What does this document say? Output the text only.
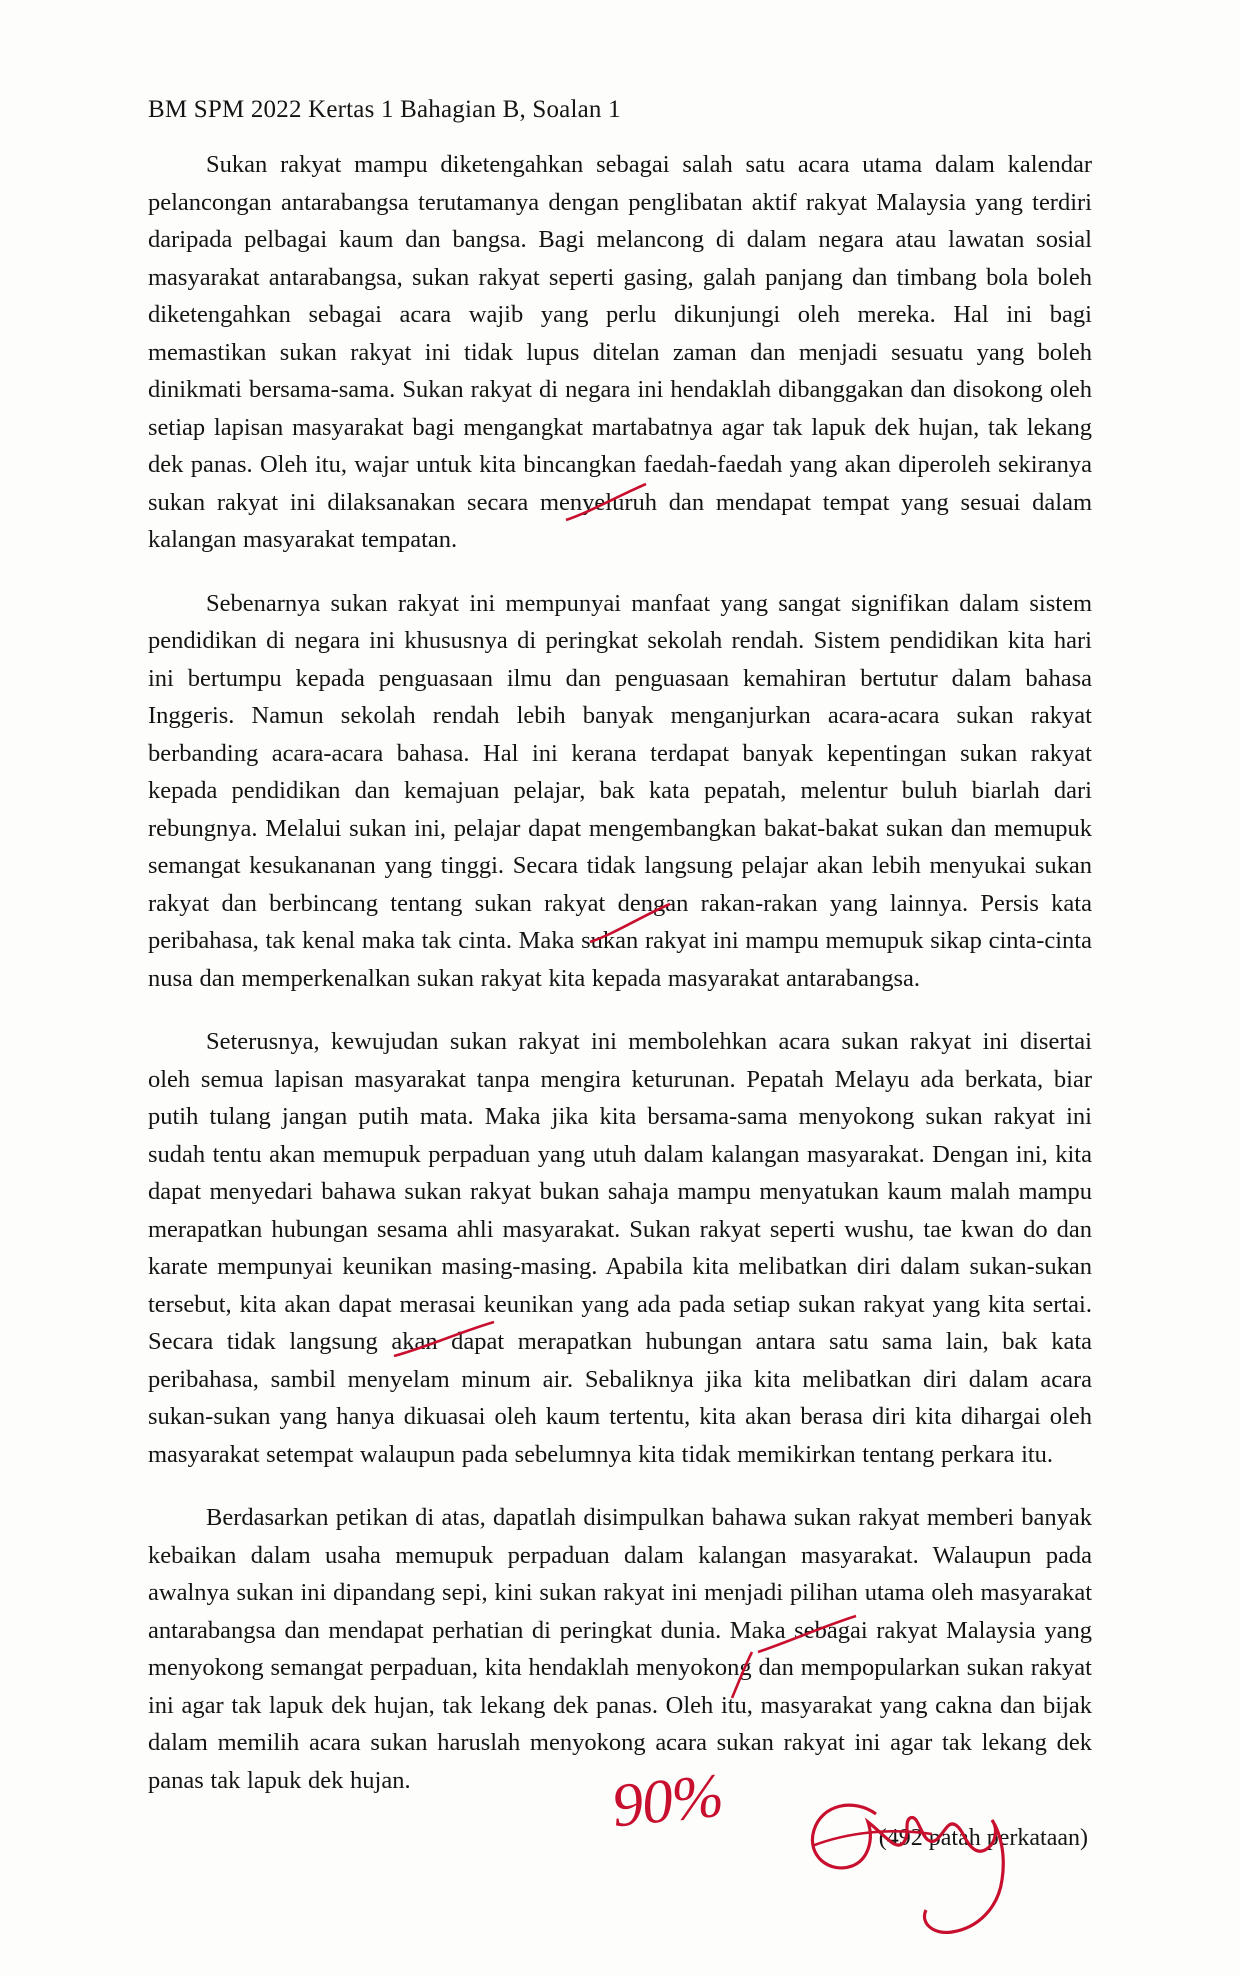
BM SPM 2022 Kertas 1 Bahagian B, Soalan 1

Sukan rakyat mampu diketengahkan sebagai salah satu acara utama dalam kalendar pelancongan antarabangsa terutamanya dengan penglibatan aktif rakyat Malaysia yang terdiri daripada pelbagai kaum dan bangsa. Bagi melancong di dalam negara atau lawatan sosial masyarakat antarabangsa, sukan rakyat seperti gasing, galah panjang dan timbang bola boleh diketengahkan sebagai acara wajib yang perlu dikunjungi oleh mereka. Hal ini bagi memastikan sukan rakyat ini tidak lupus ditelan zaman dan menjadi sesuatu yang boleh dinikmati bersama-sama. Sukan rakyat di negara ini hendaklah dibanggakan dan disokong oleh setiap lapisan masyarakat bagi mengangkat martabatnya agar tak lapuk dek hujan, tak lekang dek panas. Oleh itu, wajar untuk kita bincangkan faedah-faedah yang akan diperoleh sekiranya sukan rakyat ini dilaksanakan secara menyeluruh dan mendapat tempat yang sesuai dalam kalangan masyarakat tempatan.

Sebenarnya sukan rakyat ini mempunyai manfaat yang sangat signifikan dalam sistem pendidikan di negara ini khususnya di peringkat sekolah rendah. Sistem pendidikan kita hari ini bertumpu kepada penguasaan ilmu dan penguasaan kemahiran bertutur dalam bahasa Inggeris. Namun sekolah rendah lebih banyak menganjurkan acara-acara sukan rakyat berbanding acara-acara bahasa. Hal ini kerana terdapat banyak kepentingan sukan rakyat kepada pendidikan dan kemajuan pelajar, bak kata pepatah, melentur buluh biarlah dari rebungnya. Melalui sukan ini, pelajar dapat mengembangkan bakat-bakat sukan dan memupuk semangat kesukananan yang tinggi. Secara tidak langsung pelajar akan lebih menyukai sukan rakyat dan berbincang tentang sukan rakyat dengan rakan-rakan yang lainnya. Persis kata peribahasa, tak kenal maka tak cinta. Maka sukan rakyat ini mampu memupuk sikap cinta-cinta nusa dan memperkenalkan sukan rakyat kita kepada masyarakat antarabangsa.

Seterusnya, kewujudan sukan rakyat ini membolehkan acara sukan rakyat ini disertai oleh semua lapisan masyarakat tanpa mengira keturunan. Pepatah Melayu ada berkata, biar putih tulang jangan putih mata. Maka jika kita bersama-sama menyokong sukan rakyat ini sudah tentu akan memupuk perpaduan yang utuh dalam kalangan masyarakat. Dengan ini, kita dapat menyedari bahawa sukan rakyat bukan sahaja mampu menyatukan kaum malah mampu merapatkan hubungan sesama ahli masyarakat. Sukan rakyat seperti wushu, tae kwan do dan karate mempunyai keunikan masing-masing. Apabila kita melibatkan diri dalam sukan-sukan tersebut, kita akan dapat merasai keunikan yang ada pada setiap sukan rakyat yang kita sertai. Secara tidak langsung akan dapat merapatkan hubungan antara satu sama lain, bak kata peribahasa, sambil menyelam minum air. Sebaliknya jika kita melibatkan diri dalam acara sukan-sukan yang hanya dikuasai oleh kaum tertentu, kita akan berasa diri kita dihargai oleh masyarakat setempat walaupun pada sebelumnya kita tidak memikirkan tentang perkara itu.

Berdasarkan petikan di atas, dapatlah disimpulkan bahawa sukan rakyat memberi banyak kebaikan dalam usaha memupuk perpaduan dalam kalangan masyarakat. Walaupun pada awalnya sukan ini dipandang sepi, kini sukan rakyat ini menjadi pilihan utama oleh masyarakat antarabangsa dan mendapat perhatian di peringkat dunia. Maka sebagai rakyat Malaysia yang menyokong semangat perpaduan, kita hendaklah menyokong dan mempopularkan sukan rakyat ini agar tak lapuk dek hujan, tak lekang dek panas. Oleh itu, masyarakat yang cakna dan bijak dalam memilih acara sukan haruslah menyokong acara sukan rakyat ini agar tak lekang dek panas tak lapuk dek hujan.

(492 patah perkataan)
90%
